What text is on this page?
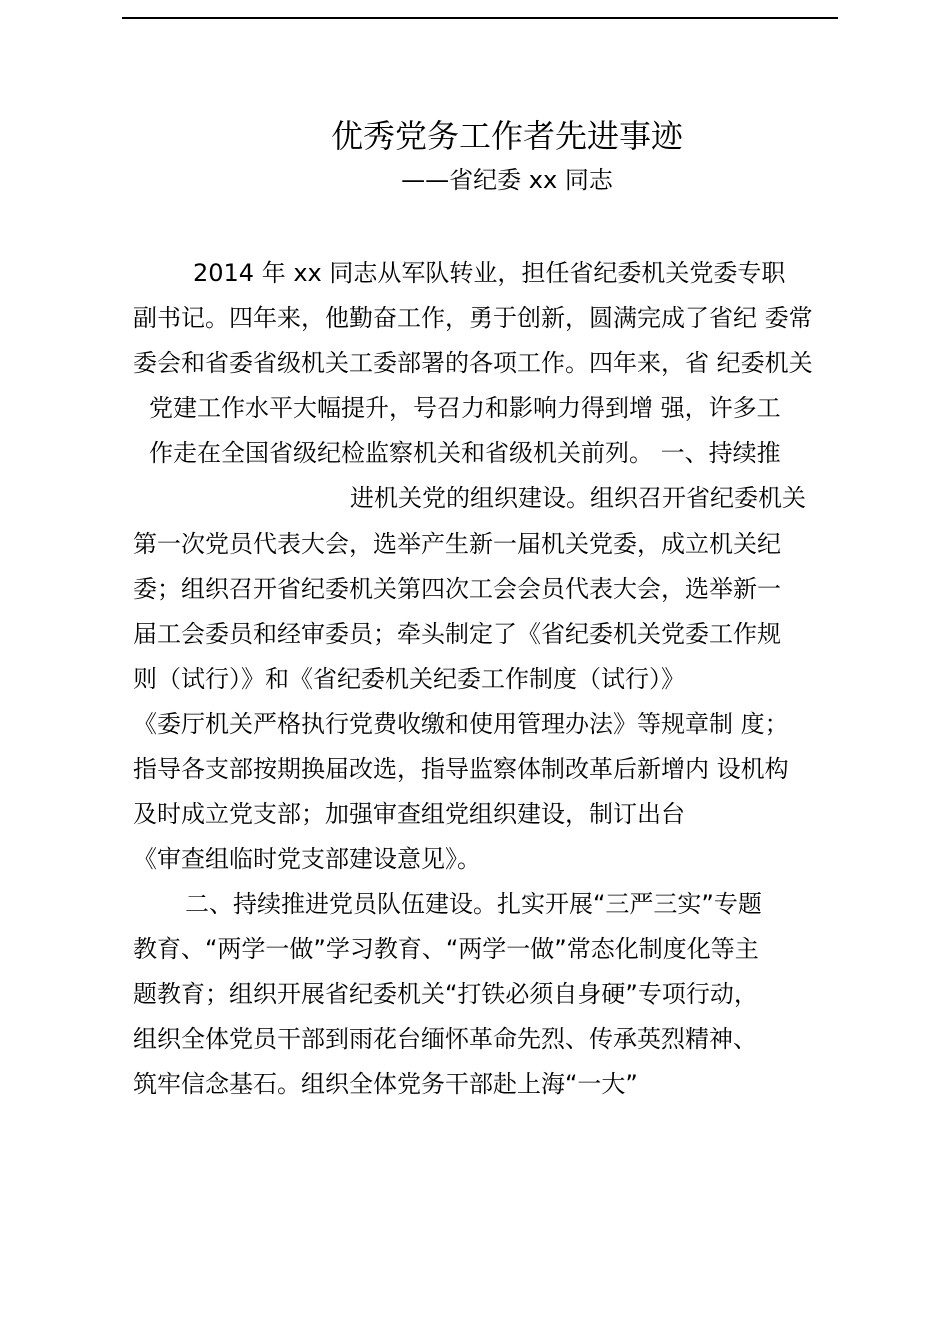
优秀党务工作者先进事迹
——省纪委 xx 同志
2014 年 xx 同志从军队转业，担任省纪委机关党委专职
副书记。四年来，他勤奋工作，勇于创新，圆满完成了省纪 委常
委会和省委省级机关工委部署的各项工作。四年来，省 纪委机关
党建工作水平大幅提升，号召力和影响力得到增 强，许多工
作走在全国省级纪检监察机关和省级机关前列。 一、持续推
进机关党的组织建设。组织召开省纪委机关
第一次党员代表大会，选举产生新一届机关党委，成立机关纪
委；组织召开省纪委机关第四次工会会员代表大会，选举新一
届工会委员和经审委员；牵头制定了《省纪委机关党委工作规
则（试行）》和《省纪委机关纪委工作制度（试行）》
《委厅机关严格执行党费收缴和使用管理办法》等规章制 度；
指导各支部按期换届改选，指导监察体制改革后新增内 设机构
及时成立党支部；加强审查组党组织建设，制订出台
《审查组临时党支部建设意见》。
二、持续推进党员队伍建设。扎实开展“三严三实”专题
教育、“两学一做”学习教育、“两学一做”常态化制度化等主
题教育；组织开展省纪委机关“打铁必须自身硬”专项行动，
组织全体党员干部到雨花台缅怀革命先烈、传承英烈精神、
筑牢信念基石。组织全体党务干部赴上海“一大”
